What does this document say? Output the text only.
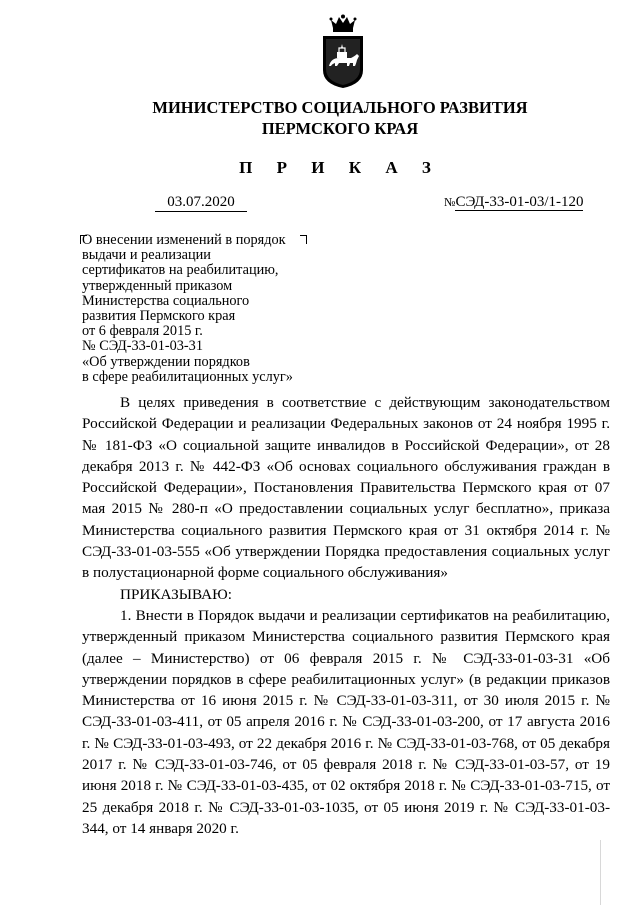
МИНИСТЕРСТВО СОЦИАЛЬНОГО РАЗВИТИЯ
ПЕРМСКОГО КРАЯ
П Р И К А З
03.07.2020	№СЭД-33-01-03/1-120
О внесении изменений в порядок
выдачи и реализации
сертификатов на реабилитацию,
утвержденный приказом
Министерства социального
развития Пермского края
от 6 февраля 2015 г.
№ СЭД-33-01-03-31
«Об утверждении порядков
в сфере реабилитационных услуг»

В целях приведения в соответствие с действующим законодательством Российской Федерации и реализации Федеральных законов от 24 ноября 1995 г. № 181-ФЗ «О социальной защите инвалидов в Российской Федерации», от 28 декабря 2013 г. № 442-ФЗ «Об основах социального обслуживания граждан в Российской Федерации», Постановления Правительства Пермского края от 07 мая 2015 № 280-п «О предоставлении социальных услуг бесплатно», приказа Министерства социального развития Пермского края от 31 октября 2014 г. № СЭД-33-01-03-555 «Об утверждении Порядка предоставления социальных услуг в полустационарной форме социального обслуживания»

ПРИКАЗЫВАЮ:

1. Внести в Порядок выдачи и реализации сертификатов на реабилитацию, утвержденный приказом Министерства социального развития Пермского края (далее – Министерство) от 06 февраля 2015 г. № СЭД-33-01-03-31 «Об утверждении порядков в сфере реабилитационных услуг» (в редакции приказов Министерства от 16 июня 2015 г. № СЭД-33-01-03-311, от 30 июля 2015 г. № СЭД-33-01-03-411, от 05 апреля 2016 г. № СЭД-33-01-03-200, от 17 августа 2016 г. № СЭД-33-01-03-493, от 22 декабря 2016 г. № СЭД-33-01-03-768, от 05 декабря 2017 г. № СЭД-33-01-03-746, от 05 февраля 2018 г. № СЭД-33-01-03-57, от 19 июня 2018 г. № СЭД-33-01-03-435, от 02 октября 2018 г. № СЭД-33-01-03-715, от 25 декабря 2018 г. № СЭД-33-01-03-1035, от 05 июня 2019 г. № СЭД-33-01-03-344, от 14 января 2020 г.
